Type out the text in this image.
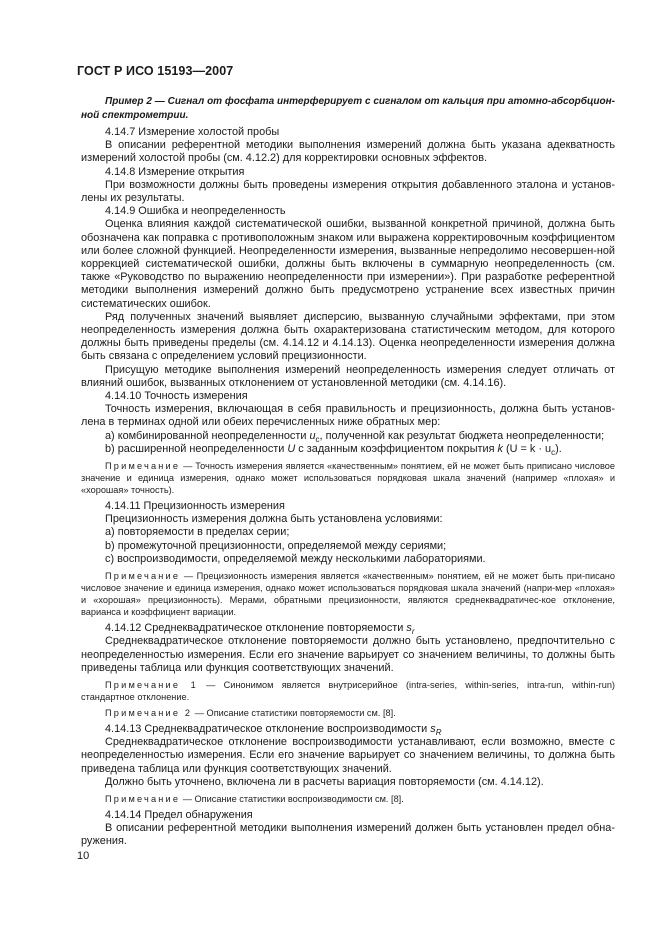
ГОСТ Р ИСО 15193—2007

Пример 2 — Сигнал от фосфата интерферирует с сигналом от кальция при атомно-абсорбцион-ной спектрометрии.

4.14.7 Измерение холостой пробы

В описании референтной методики выполнения измерений должна быть указана адекватность измерений холостой пробы (см. 4.12.2) для корректировки основных эффектов.

4.14.8 Измерение открытия

При возможности должны быть проведены измерения открытия добавленного эталона и установ-лены их результаты.

4.14.9 Ошибка и неопределенность

Оценка влияния каждой систематической ошибки, вызванной конкретной причиной, должна быть обозначена как поправка с противоположным знаком или выражена корректировочным коэффициентом или более сложной функцией. Неопределенности измерения, вызванные непредолимо несовершен-ной коррекцией систематической ошибки, должны быть включены в суммарную неопределенность (см. также «Руководство по выражению неопределенности при измерении»). При разработке референтной методики выполнения измерений должно быть предусмотрено устранение всех известных причин систематических ошибок.

Ряд полученных значений выявляет дисперсию, вызванную случайными эффектами, при этом неопределенность измерения должна быть охарактеризована статистическим методом, для которого должны быть приведены пределы (см. 4.14.12 и 4.14.13). Оценка неопределенности измерения должна быть связана с определением условий прецизионности.

Присущую методике выполнения измерений неопределенность измерения следует отличать от влияний ошибок, вызванных отклонением от установленной методики (см. 4.14.16).

4.14.10 Точность измерения

Точность измерения, включающая в себя правильность и прецизионность, должна быть установ-лена в терминах одной или обеих перечисленных ниже обратных мер:

a) комбинированной неопределенности $u_c$, полученной как результат бюджета неопределенности;

b) расширенной неопределенности U с заданным коэффициентом покрытия k $(U = k \cdot u_c)$.

Примечание — Точность измерения является «качественным» понятием, ей не может быть приписано числовое значение и единица измерения, однако может использоваться порядковая шкала значений (например «плохая» и «хорошая» точность).

4.14.11 Прецизионность измерения

Прецизионность измерения должна быть установлена условиями:

a) повторяемости в пределах серии;

b) промежуточной прецизионности, определяемой между сериями;

c) воспроизводимости, определяемой между несколькими лабораториями.

Примечание — Прецизионность измерения является «качественным» понятием, ей не может быть при-писано числовое значение и единица измерения, однако может использоваться порядковая шкала значений (напри-мер «плохая» и «хорошая» прецизионность). Мерами, обратными прецизионности, являются среднеквадратичес-кое отклонение, варианса и коэффициент вариации.

4.14.12 Среднеквадратическое отклонение повторяемости $s_r$

Среднеквадратическое отклонение повторяемости должно быть установлено, предпочтительно с неопределенностью измерения. Если его значение варьирует со значением величины, то должны быть приведены таблица или функция соответствующих значений.

Примечание 1 — Синонимом является внутрисерийное (intra-series, within-series, intra-run, within-run) стандартное отклонение.

Примечание 2 — Описание статистики повторяемости см. [8].

4.14.13 Среднеквадратическое отклонение воспроизводимости $s_R$

Среднеквадратическое отклонение воспроизводимости устанавливают, если возможно, вместе с неопределенностью измерения. Если его значение варьирует со значением величины, то должна быть приведена таблица или функция соответствующих значений.

Должно быть уточнено, включена ли в расчеты вариация повторяемости (см. 4.14.12).

Примечание — Описание статистики воспроизводимости см. [8].

4.14.14 Предел обнаружения

В описании референтной методики выполнения измерений должен быть установлен предел обна-ружения.

10
